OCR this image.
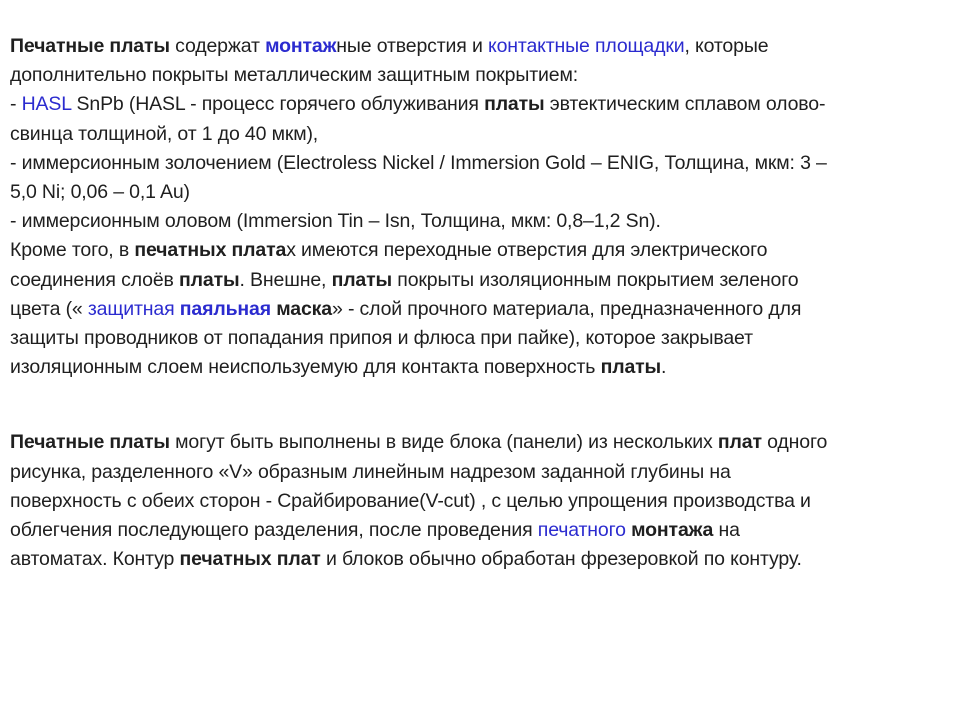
Печатные платы содержат монтажные отверстия и контактные площадки, которые
дополнительно покрыты металлическим защитным покрытием:
- HASL SnPb (HASL - процесс горячего облуживания платы эвтектическим сплавом олово-
свинца толщиной, от 1 до 40 мкм),
- иммерсионным золочением (Electroless Nickel / Immersion Gold – ENIG, Толщина, мкм: 3 –
5,0 Ni; 0,06 – 0,1 Au)
- иммерсионным оловом (Immersion Tin – Isn, Толщина, мкм: 0,8–1,2 Sn).
Кроме того, в печатных платах имеются переходные отверстия для электрического
соединения слоёв платы. Внешне, платы покрыты изоляционным покрытием зеленого
цвета (« защитная паяльная маска» - слой прочного материала, предназначенного для
защиты проводников от попадания припоя и флюса при пайке), которое закрывает
изоляционным слоем неиспользуемую для контакта поверхность платы.

Печатные платы могут быть выполнены в виде блока (панели) из нескольких плат одного
рисунка, разделенного «V» образным линейным надрезом заданной глубины на
поверхность с обеих сторон - Срайбирование(V-cut) , с целью упрощения производства и
облегчения последующего разделения, после проведения печатного монтажа на
автоматах. Контур печатных плат и блоков обычно обработан фрезеровкой по контуру.
